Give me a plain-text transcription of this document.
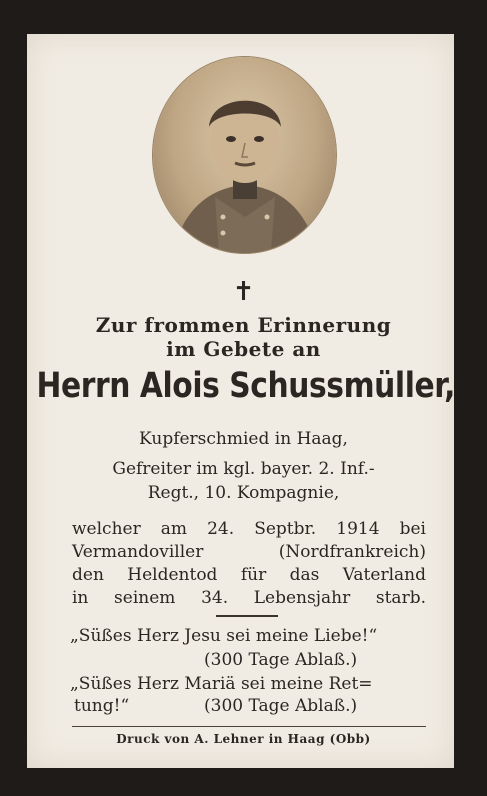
✝
Zur frommen Erinnerung
im Gebete an
Herrn Alois Schussmüller,
Kupferschmied in Haag,
Gefreiter im kgl. bayer. 2. Inf.-
Regt., 10. Kompagnie,
welcher am 24. Septbr. 1914 bei
Vermandoviller	(Nordfrankreich)
den Heldentod für das Vaterland
in seinem 34. Lebensjahr starb.
„Süßes Herz Jesu sei meine Liebe!“
(300 Tage Ablaß.)
„Süßes Herz Mariä sei meine Ret=
tung!“	(300 Tage Ablaß.)
Druck von A. Lehner in Haag (Obb)
